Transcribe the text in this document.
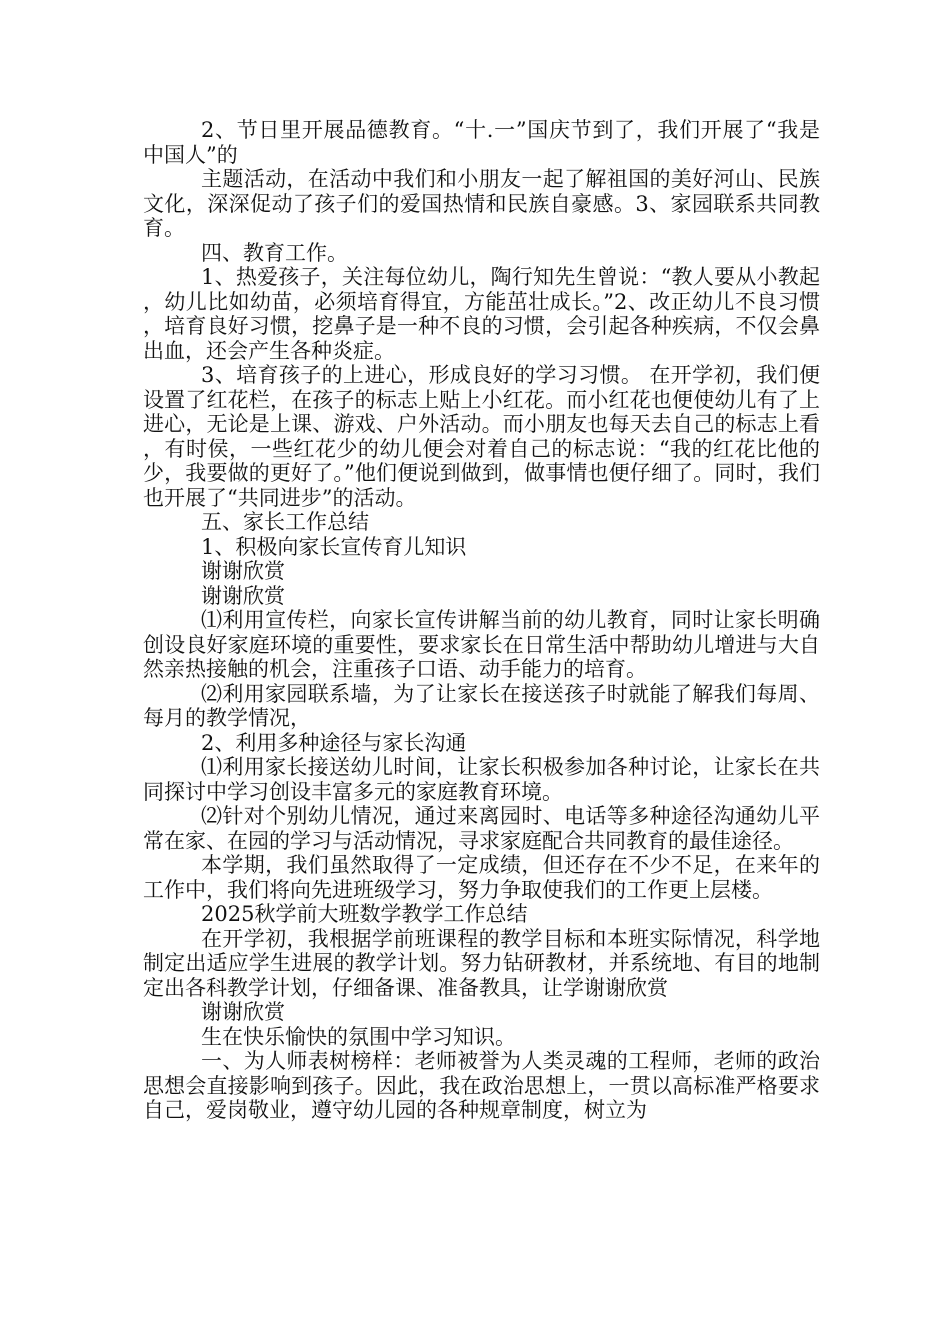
2、节日里开展品德教育。“十.一”国庆节到了，我们开展了“我是中国人”的

主题活动，在活动中我们和小朋友一起了解祖国的美好河山、民族文化，深深促动了孩子们的爱国热情和民族自豪感。3、家园联系共同教育。

四、教育工作。

1、热爱孩子，关注每位幼儿，陶行知先生曾说：“教人要从小教起，幼儿比如幼苗，必须培育得宜，方能茁壮成长。”2、改正幼儿不良习惯，培育良好习惯，挖鼻子是一种不良的习惯，会引起各种疾病，不仅会鼻出血，还会产生各种炎症。

3、培育孩子的上进心，形成良好的学习习惯。 在开学初，我们便设置了红花栏，在孩子的标志上贴上小红花。而小红花也便使幼儿有了上进心，无论是上课、游戏、户外活动。而小朋友也每天去自己的标志上看，有时侯，一些红花少的幼儿便会对着自己的标志说：“我的红花比他的少，我要做的更好了。”他们便说到做到，做事情也便仔细了。同时，我们也开展了“共同进步”的活动。

五、家长工作总结

1、积极向家长宣传育儿知识

谢谢欣赏

谢谢欣赏

⑴利用宣传栏，向家长宣传讲解当前的幼儿教育，同时让家长明确创设良好家庭环境的重要性，要求家长在日常生活中帮助幼儿增进与大自然亲热接触的机会，注重孩子口语、动手能力的培育。

⑵利用家园联系墙，为了让家长在接送孩子时就能了解我们每周、每月的教学情况，

2、利用多种途径与家长沟通

⑴利用家长接送幼儿时间，让家长积极参加各种讨论，让家长在共同探讨中学习创设丰富多元的家庭教育环境。

⑵针对个别幼儿情况，通过来离园时、电话等多种途径沟通幼儿平常在家、在园的学习与活动情况，寻求家庭配合共同教育的最佳途径。

本学期，我们虽然取得了一定成绩，但还存在不少不足，在来年的工作中，我们将向先进班级学习，努力争取使我们的工作更上层楼。

2025秋学前大班数学教学工作总结

在开学初，我根据学前班课程的教学目标和本班实际情况，科学地制定出适应学生进展的教学计划。努力钻研教材，并系统地、有目的地制定出各科教学计划，仔细备课、准备教具，让学谢谢欣赏

谢谢欣赏

生在快乐愉快的氛围中学习知识。

一、为人师表树榜样：老师被誉为人类灵魂的工程师，老师的政治思想会直接影响到孩子。因此，我在政治思想上，一贯以高标准严格要求自己，爱岗敬业，遵守幼儿园的各种规章制度，树立为
